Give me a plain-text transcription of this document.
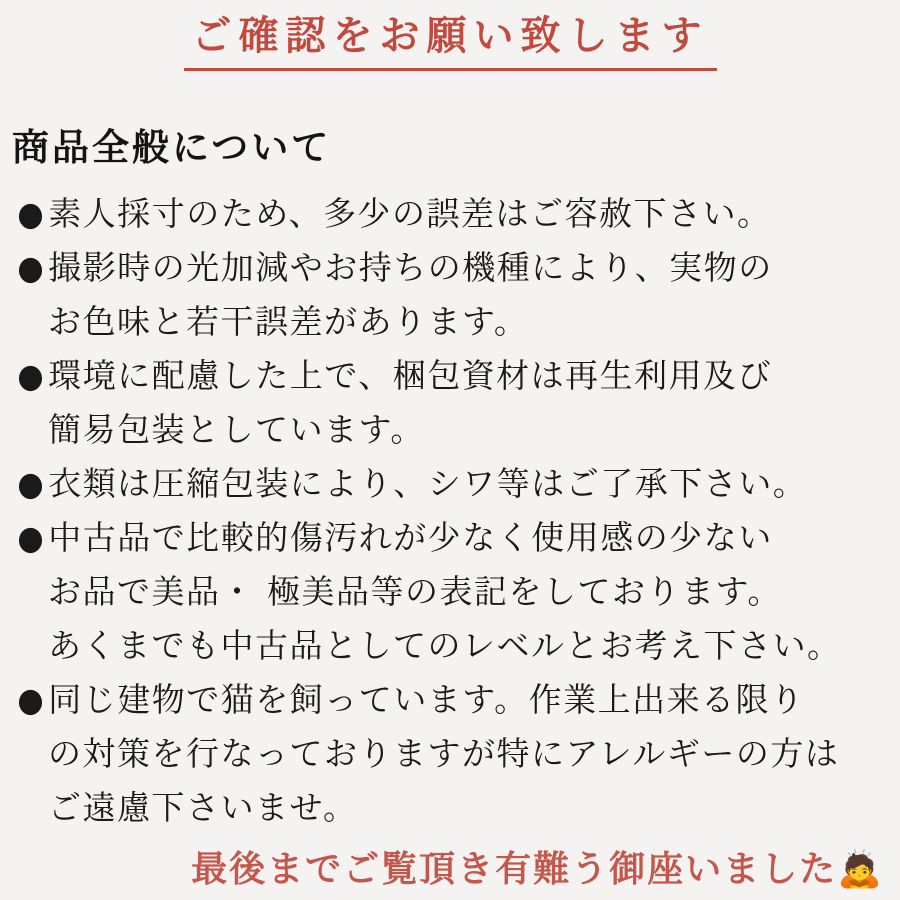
ご確認をお願い致します
商品全般について
●素人採寸のため、多少の誤差はご容赦下さい。
●撮影時の光加減やお持ちの機種により、実物の
お色味と若干誤差があります。
●環境に配慮した上で、梱包資材は再生利用及び
簡易包装としています。
●衣類は圧縮包装により、シワ等はご了承下さい。
●中古品で比較的傷汚れが少なく使用感の少ない
お品で美品・ 極美品等の表記をしております。
あくまでも中古品としてのレベルとお考え下さい。
●同じ建物で猫を飼っています。作業上出来る限り
の対策を行なっておりますが特にアレルギーの方は
ご遠慮下さいませ。
最後までご覧頂き有難う御座いました🙇
